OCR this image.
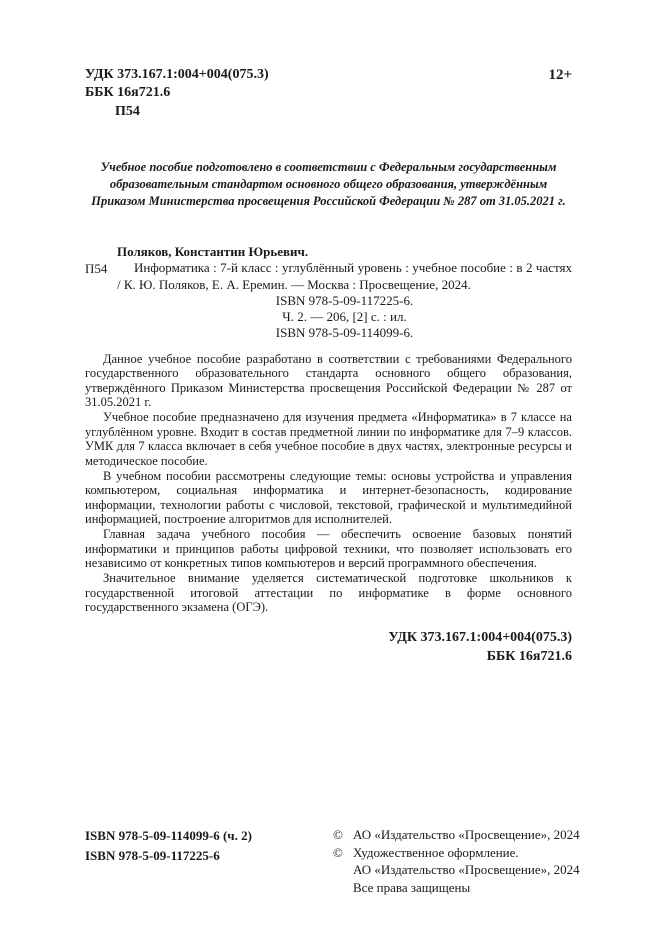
УДК 373.167.1:004+004(075.3)
ББК 16я721.6
П54
12+

Учебное пособие подготовлено в соответствии с Федеральным государственным образовательным стандартом основного общего образования, утверждённым Приказом Министерства просвещения Российской Федерации № 287 от 31.05.2021 г.

П54

Поляков, Константин Юрьевич.

Информатика : 7-й класс : углублённый уровень : учебное пособие : в 2 частях / К. Ю. Поляков, Е. А. Еремин. — Москва : Просвещение, 2024.

ISBN 978-5-09-117225-6.

Ч. 2. — 206, [2] с. : ил.

ISBN 978-5-09-114099-6.

Данное учебное пособие разработано в соответствии с требованиями Федерального государственного образовательного стандарта основного общего образования, утверждённого Приказом Министерства просвещения Российской Федерации № 287 от 31.05.2021 г.

Учебное пособие предназначено для изучения предмета «Информатика» в 7 классе на углублённом уровне. Входит в состав предметной линии по информатике для 7–9 классов. УМК для 7 класса включает в себя учебное пособие в двух частях, электронные ресурсы и методическое пособие.

В учебном пособии рассмотрены следующие темы: основы устройства и управления компьютером, социальная информатика и интернет-безопасность, кодирование информации, технологии работы с числовой, текстовой, графической и мультимедийной информацией, построение алгоритмов для исполнителей.

Главная задача учебного пособия — обеспечить освоение базовых понятий информатики и принципов работы цифровой техники, что позволяет использовать его независимо от конкретных типов компьютеров и версий программного обеспечения.

Значительное внимание уделяется систематической подготовке школьников к государственной итоговой аттестации по информатике в форме основного государственного экзамена (ОГЭ).

УДК 373.167.1:004+004(075.3)
ББК 16я721.6
ISBN 978-5-09-114099-6 (ч. 2)
ISBN 978-5-09-117225-6
© АО «Издательство «Просвещение», 2024
© Художественное оформление.
АО «Издательство «Просвещение», 2024
Все права защищены
